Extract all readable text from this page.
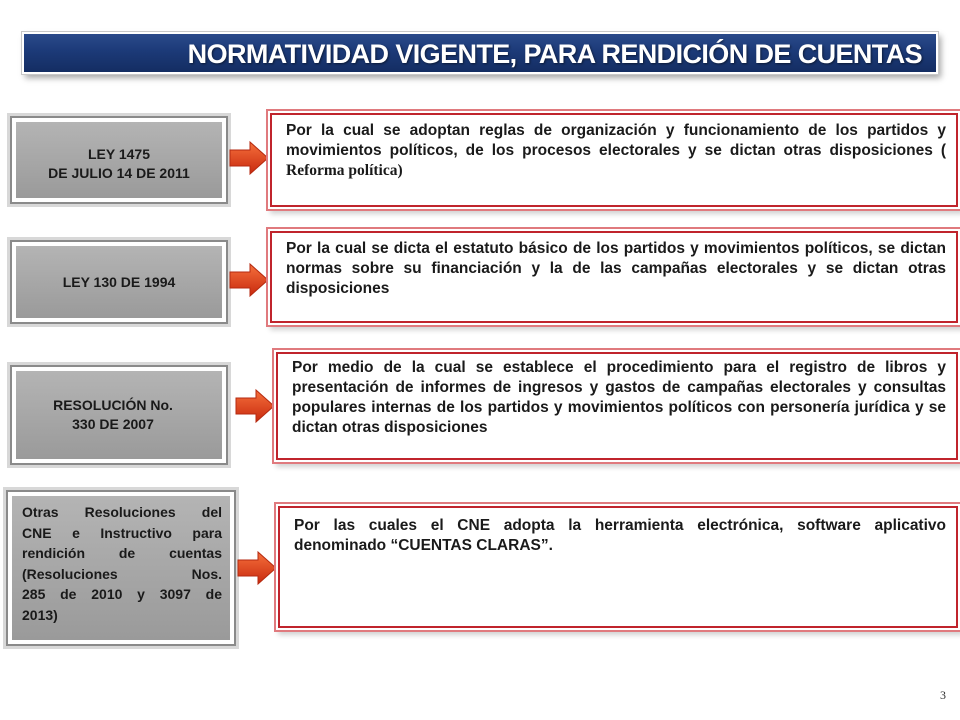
NORMATIVIDAD VIGENTE, PARA RENDICIÓN DE CUENTAS
LEY 1475
DE JULIO 14 DE 2011
Por la cual se adoptan reglas de organización y funcionamiento de los partidos y movimientos políticos, de los procesos electorales y se dictan otras disposiciones ( Reforma política)
LEY 130 DE 1994
Por la cual se dicta el estatuto básico de los partidos y movimientos políticos, se dictan normas sobre su financiación y la de las campañas electorales y se dictan otras disposiciones
RESOLUCIÓN No.
330 DE 2007
Por medio de la cual se establece el procedimiento para el registro de libros y presentación de informes de ingresos y gastos de campañas electorales y consultas populares internas de los partidos y movimientos políticos con personería jurídica y se dictan otras disposiciones
Otras Resoluciones del
CNE e Instructivo para
rendición de cuentas
(Resoluciones Nos.
285 de 2010 y 3097 de
2013)
Por las cuales el CNE adopta la herramienta electrónica, software aplicativo denominado “CUENTAS CLARAS”.
3
